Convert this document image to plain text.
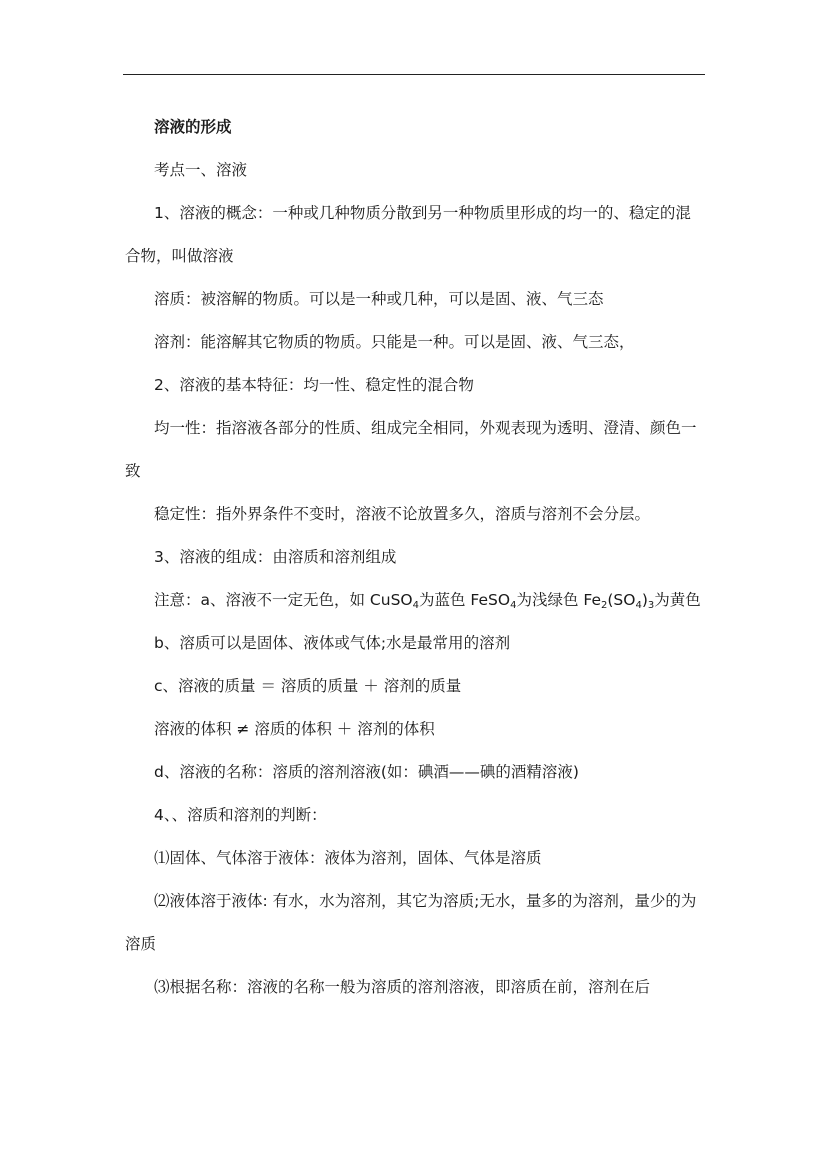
溶液的形成

考点一、溶液

1、溶液的概念：一种或几种物质分散到另一种物质里形成的均一的、稳定的混合物，叫做溶液

溶质：被溶解的物质。可以是一种或几种，可以是固、液、气三态

溶剂：能溶解其它物质的物质。只能是一种。可以是固、液、气三态，

2、溶液的基本特征：均一性、稳定性的混合物

均一性：指溶液各部分的性质、组成完全相同，外观表现为透明、澄清、颜色一致

稳定性：指外界条件不变时，溶液不论放置多久，溶质与溶剂不会分层。

3、溶液的组成：由溶质和溶剂组成

注意：a、溶液不一定无色，如 CuSO$_4$为蓝色 FeSO$_4$为浅绿色 $Fe_2(SO_4)_3$为黄色

b、溶质可以是固体、液体或气体;水是最常用的溶剂

c、溶液的质量 ＝ 溶质的质量 ＋ 溶剂的质量

溶液的体积 ≠ 溶质的体积 ＋ 溶剂的体积

d、溶液的名称：溶质的溶剂溶液(如：碘酒——碘的酒精溶液)

4、、溶质和溶剂的判断：

⑴固体、气体溶于液体：液体为溶剂，固体、气体是溶质

⑵液体溶于液体: 有水，水为溶剂，其它为溶质;无水，量多的为溶剂，量少的为溶质

⑶根据名称：溶液的名称一般为溶质的溶剂溶液，即溶质在前，溶剂在后
